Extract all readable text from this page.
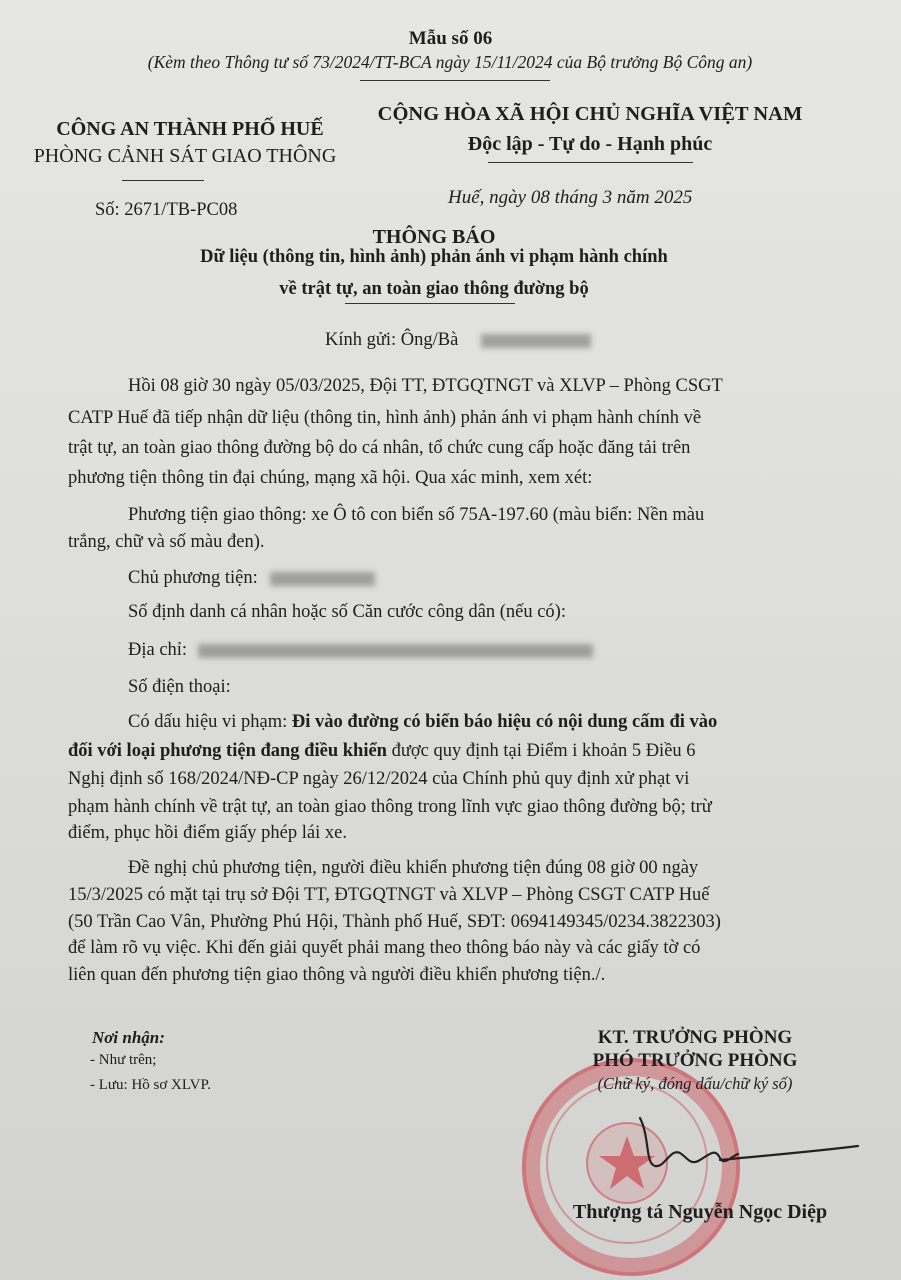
Mẫu số 06
(Kèm theo Thông tư số 73/2024/TT-BCA ngày 15/11/2024 của Bộ trưởng Bộ Công an)
CÔNG AN THÀNH PHỐ HUẾ
PHÒNG CẢNH SÁT GIAO THÔNG
Số: 2671/TB-PC08
CỘNG HÒA XÃ HỘI CHỦ NGHĨA VIỆT NAM
Độc lập - Tự do - Hạnh phúc
Huế, ngày 08 tháng 3 năm 2025
THÔNG BÁO
Dữ liệu (thông tin, hình ảnh) phản ánh vi phạm hành chính
về trật tự, an toàn giao thông đường bộ
Kính gửi: Ông/Bà
Hồi 08 giờ 30 ngày 05/03/2025, Đội TT, ĐTGQTNGT và XLVP – Phòng CSGT
CATP Huế đã tiếp nhận dữ liệu (thông tin, hình ảnh) phản ánh vi phạm hành chính về
trật tự, an toàn giao thông đường bộ do cá nhân, tổ chức cung cấp hoặc đăng tải trên
phương tiện thông tin đại chúng, mạng xã hội. Qua xác minh, xem xét:
Phương tiện giao thông: xe Ô tô con biển số 75A-197.60 (màu biển: Nền màu
trắng, chữ và số màu đen).
Chủ phương tiện:
Số định danh cá nhân hoặc số Căn cước công dân (nếu có):
Địa chỉ:
Số điện thoại:
Có dấu hiệu vi phạm: Đi vào đường có biển báo hiệu có nội dung cấm đi vào
đối với loại phương tiện đang điều khiển được quy định tại Điểm i khoản 5 Điều 6
Nghị định số 168/2024/NĐ-CP ngày 26/12/2024 của Chính phủ quy định xử phạt vi
phạm hành chính về trật tự, an toàn giao thông trong lĩnh vực giao thông đường bộ; trừ
điểm, phục hồi điểm giấy phép lái xe.
Đề nghị chủ phương tiện, người điều khiển phương tiện đúng 08 giờ 00 ngày
15/3/2025 có mặt tại trụ sở Đội TT, ĐTGQTNGT và XLVP – Phòng CSGT CATP Huế
(50 Trần Cao Vân, Phường Phú Hội, Thành phố Huế, SĐT: 0694149345/0234.3822303)
để làm rõ vụ việc. Khi đến giải quyết phải mang theo thông báo này và các giấy tờ có
liên quan đến phương tiện giao thông và người điều khiển phương tiện./.
Nơi nhận:
- Như trên;
- Lưu: Hồ sơ XLVP.
KT. TRƯỞNG PHÒNG
PHÓ TRƯỞNG PHÒNG
(Chữ ký, đóng dấu/chữ ký số)
Thượng tá Nguyễn Ngọc Diệp
